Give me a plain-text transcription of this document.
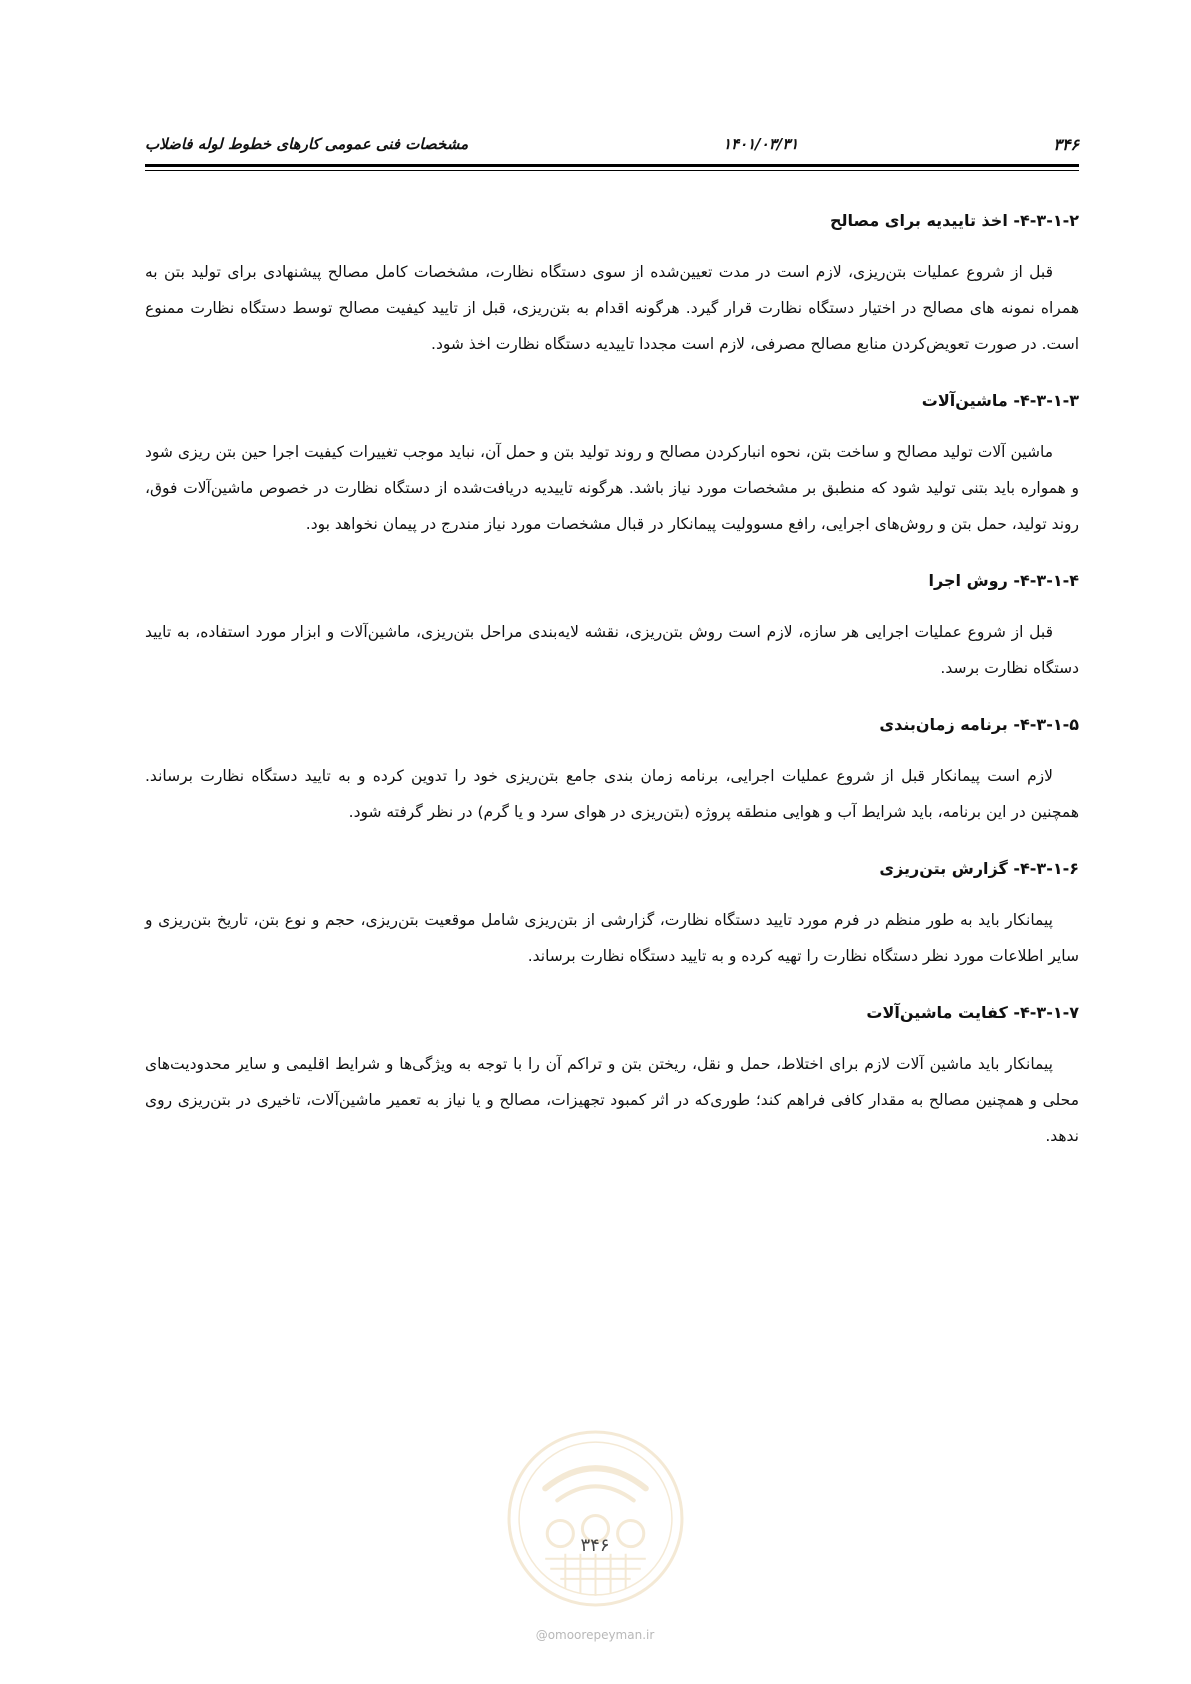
۳۴۶
۱۴۰۱/۰۳/۳۱
مشخصات فنی عمومی کارهای خطوط لوله فاضلاب
۴-۳-۱-۲- اخذ تاییدیه برای مصالح

قبل از شروع عملیات بتن‌ریزی، لازم است در مدت تعیین‌شده از سوی دستگاه نظارت، مشخصات کامل مصالح پیشنهادی برای تولید بتن به همراه نمونه های مصالح در اختیار دستگاه نظارت قرار گیرد. هرگونه اقدام به بتن‌ریزی، قبل از تایید کیفیت مصالح توسط دستگاه نظارت ممنوع است. در صورت تعویض‌کردن منابع مصالح مصرفی، لازم است مجددا تاییدیه دستگاه نظارت اخذ شود.

۴-۳-۱-۳- ماشین‌آلات

ماشین آلات تولید مصالح و ساخت بتن، نحوه انبارکردن مصالح و روند تولید بتن و حمل آن، نباید موجب تغییرات کیفیت اجرا حین بتن ریزی شود و همواره باید بتنی تولید شود که منطبق بر مشخصات مورد نیاز باشد. هرگونه تاییدیه دریافت‌شده از دستگاه نظارت در خصوص ماشین‌آلات فوق، روند تولید، حمل بتن و روش‌های اجرایی، رافع مسوولیت پیمانکار در قبال مشخصات مورد نیاز مندرج در پیمان نخواهد بود.

۴-۳-۱-۴- روش اجرا

قبل از شروع عملیات اجرایی هر سازه، لازم است روش بتن‌ریزی، نقشه لایه‌بندی مراحل بتن‌ریزی، ماشین‌آلات و ابزار مورد استفاده، به تایید دستگاه نظارت برسد.

۴-۳-۱-۵- برنامه زمان‌بندی

لازم است پیمانکار قبل از شروع عملیات اجرایی، برنامه زمان بندی جامع بتن‌ریزی خود را تدوین کرده و به تایید دستگاه نظارت برساند. همچنین در این برنامه، باید شرایط آب و هوایی منطقه پروژه (بتن‌ریزی در هوای سرد و یا گرم) در نظر گرفته شود.

۴-۳-۱-۶- گزارش بتن‌ریزی

پیمانکار باید به طور منظم در فرم مورد تایید دستگاه نظارت، گزارشی از بتن‌ریزی شامل موقعیت بتن‌ریزی، حجم و نوع بتن، تاریخ بتن‌ریزی و سایر اطلاعات مورد نظر دستگاه نظارت را تهیه کرده و به تایید دستگاه نظارت برساند.

۴-۳-۱-۷- کفایت ماشین‌آلات

پیمانکار باید ماشین آلات لازم برای اختلاط، حمل و نقل، ریختن بتن و تراکم آن را با توجه به ویژگی‌ها و شرایط اقلیمی و سایر محدودیت‌های محلی و همچنین مصالح به مقدار کافی فراهم کند؛ طوری‌که در اثر کمبود تجهیزات، مصالح و یا نیاز به تعمیر ماشین‌آلات، تاخیری در بتن‌ریزی روی ندهد.

۳۴۶
@omoorepeyman.ir
